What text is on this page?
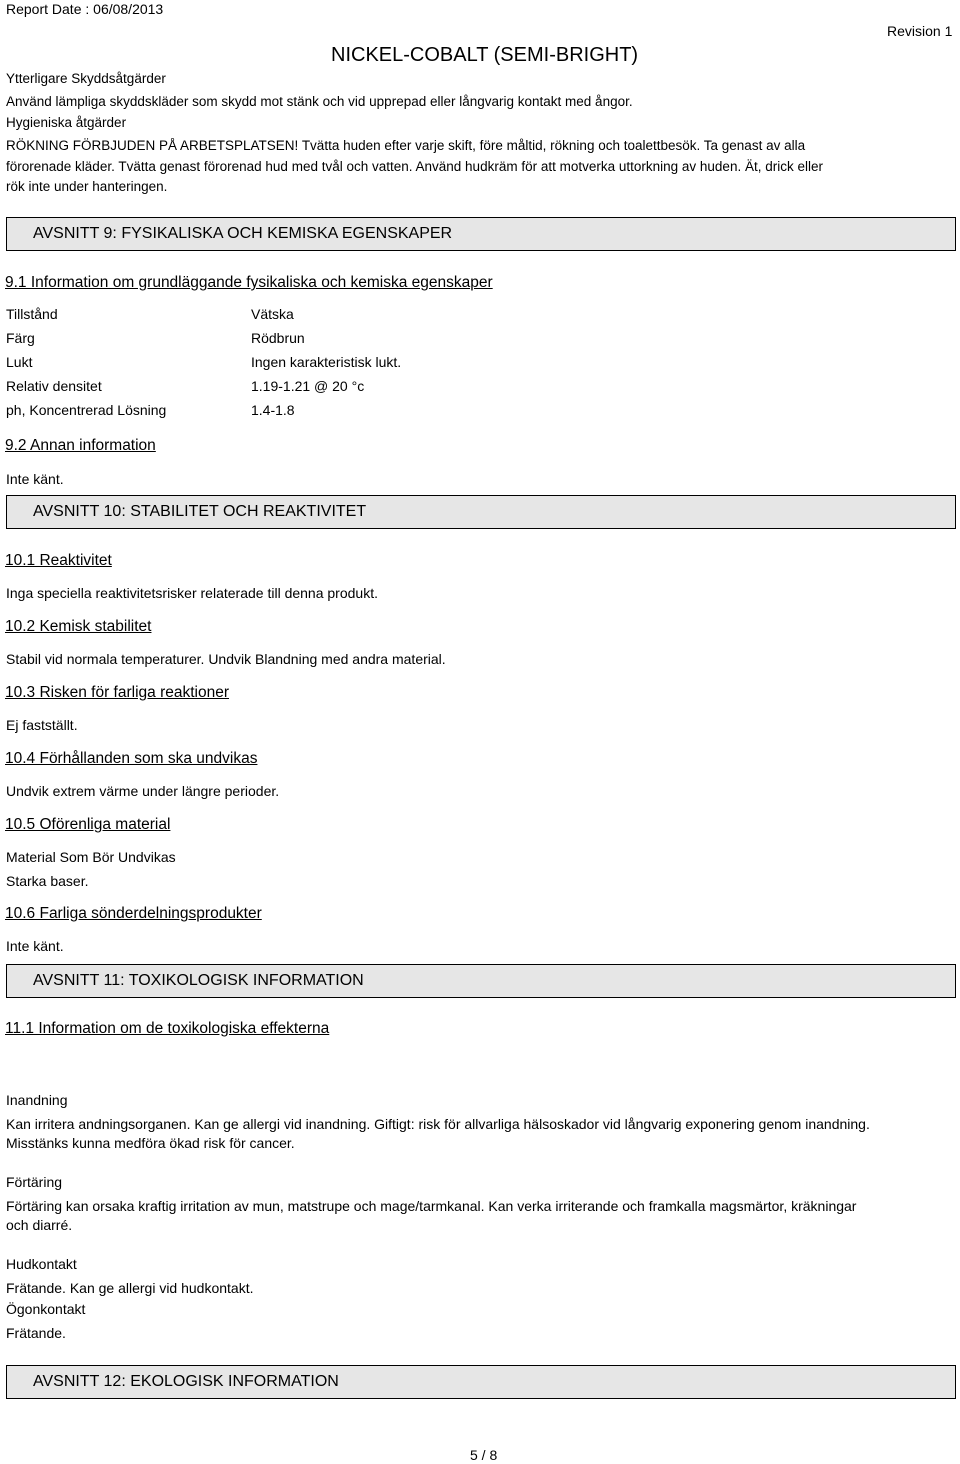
Report Date : 06/08/2013
NICKEL-COBALT (SEMI-BRIGHT)
Revision 1
Ytterligare Skyddsåtgärder
Använd lämpliga skyddskläder som skydd mot stänk och vid upprepad eller långvarig kontakt med ångor.
Hygieniska åtgärder
RÖKNING FÖRBJUDEN PÅ ARBETSPLATSEN! Tvätta huden efter varje skift, före måltid, rökning och toalettbesök. Ta genast av alla
förorenade kläder. Tvätta genast förorenad hud med tvål och vatten. Använd hudkräm för att motverka uttorkning av huden. Ät, drick eller
rök inte under hanteringen.
AVSNITT 9: FYSIKALISKA OCH KEMISKA EGENSKAPER
9.1 Information om grundläggande fysikaliska och kemiska egenskaper
Tillstånd	Vätska
Färg	Rödbrun
Lukt	Ingen karakteristisk lukt.
Relativ densitet	1.19-1.21 @ 20 °c
ph, Koncentrerad Lösning	1.4-1.8
9.2 Annan information
Inte känt.
AVSNITT 10: STABILITET OCH REAKTIVITET
10.1 Reaktivitet
Inga speciella reaktivitetsrisker relaterade till denna produkt.
10.2 Kemisk stabilitet
Stabil vid normala temperaturer. Undvik Blandning med andra material.
10.3 Risken för farliga reaktioner
Ej fastställt.
10.4 Förhållanden som ska undvikas
Undvik extrem värme under längre perioder.
10.5 Oförenliga material
Material Som Bör Undvikas
Starka baser.
10.6 Farliga sönderdelningsprodukter
Inte känt.
AVSNITT 11: TOXIKOLOGISK INFORMATION
11.1 Information om de toxikologiska effekterna
Inandning
Kan irritera andningsorganen. Kan ge allergi vid inandning. Giftigt: risk för allvarliga hälsoskador vid långvarig exponering genom inandning.
Misstänks kunna medföra ökad risk för cancer.
Förtäring
Förtäring kan orsaka kraftig irritation av mun, matstrupe och mage/tarmkanal. Kan verka irriterande och framkalla magsmärtor, kräkningar
och diarré.
Hudkontakt
Frätande. Kan ge allergi vid hudkontakt.
Ögonkontakt
Frätande.
AVSNITT 12: EKOLOGISK INFORMATION
5 / 8
